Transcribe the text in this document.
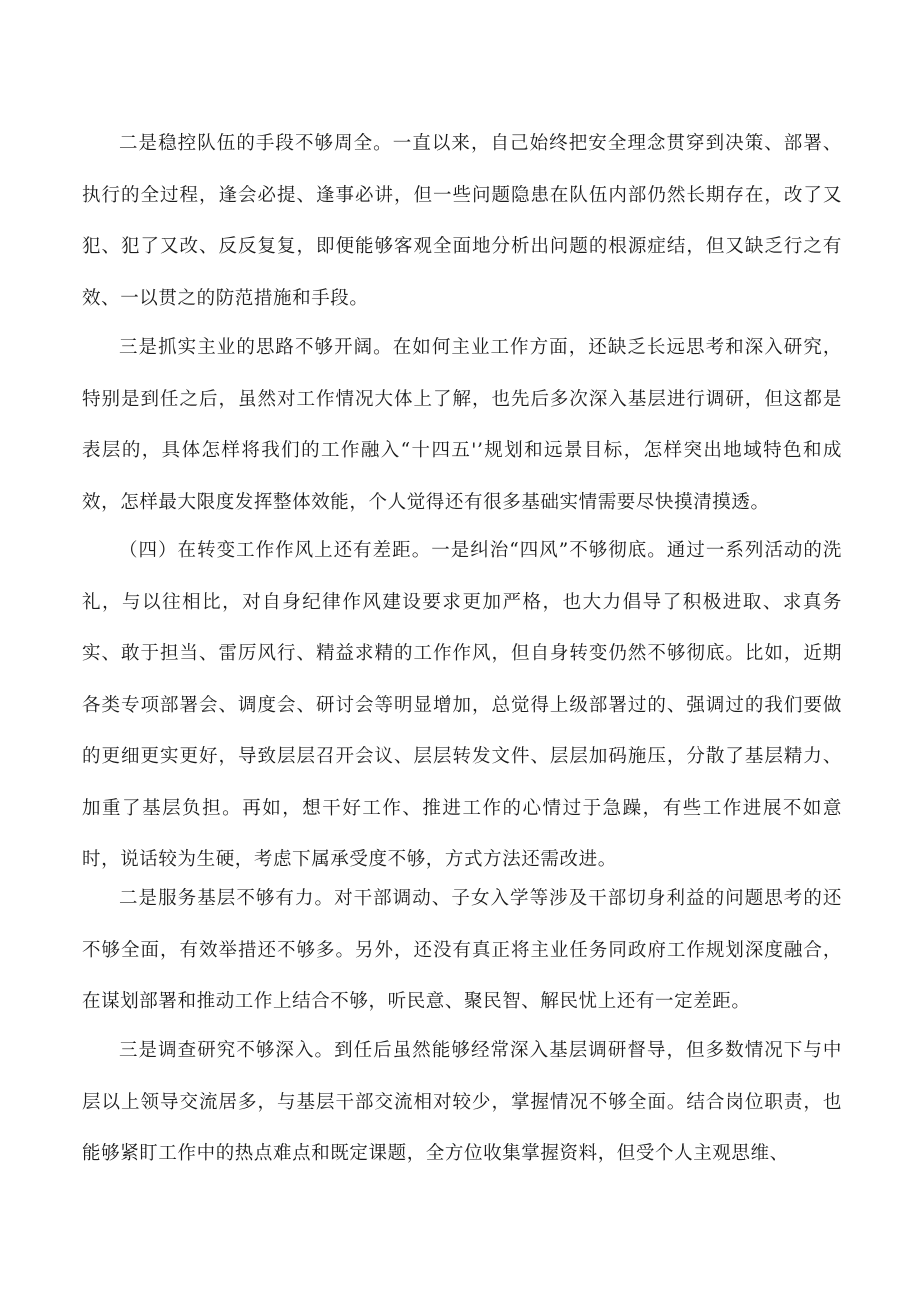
二是稳控队伍的手段不够周全。一直以来，自己始终把安全理念贯穿到决策、部署、执行的全过程，逢会必提、逢事必讲，但一些问题隐患在队伍内部仍然长期存在，改了又犯、犯了又改、反反复复，即便能够客观全面地分析出问题的根源症结，但又缺乏行之有效、一以贯之的防范措施和手段。

三是抓实主业的思路不够开阔。在如何主业工作方面，还缺乏长远思考和深入研究，特别是到任之后，虽然对工作情况大体上了解，也先后多次深入基层进行调研，但这都是表层的，具体怎样将我们的工作融入“十四五'’规划和远景目标，怎样突出地域特色和成效，怎样最大限度发挥整体效能，个人觉得还有很多基础实情需要尽快摸清摸透。

（四）在转变工作作风上还有差距。一是纠治“四风”不够彻底。通过一系列活动的洗礼，与以往相比，对自身纪律作风建设要求更加严格，也大力倡导了积极进取、求真务实、敢于担当、雷厉风行、精益求精的工作作风，但自身转变仍然不够彻底。比如，近期各类专项部署会、调度会、研讨会等明显增加，总觉得上级部署过的、强调过的我们要做的更细更实更好，导致层层召开会议、层层转发文件、层层加码施压，分散了基层精力、加重了基层负担。再如，想干好工作、推进工作的心情过于急躁，有些工作进展不如意时，说话较为生硬，考虑下属承受度不够，方式方法还需改进。

二是服务基层不够有力。对干部调动、子女入学等涉及干部切身利益的问题思考的还不够全面，有效举措还不够多。另外，还没有真正将主业任务同政府工作规划深度融合，在谋划部署和推动工作上结合不够，听民意、聚民智、解民忧上还有一定差距。

三是调查研究不够深入。到任后虽然能够经常深入基层调研督导，但多数情况下与中层以上领导交流居多，与基层干部交流相对较少，掌握情况不够全面。结合岗位职责，也能够紧盯工作中的热点难点和既定课题，全方位收集掌握资料，但受个人主观思维、
